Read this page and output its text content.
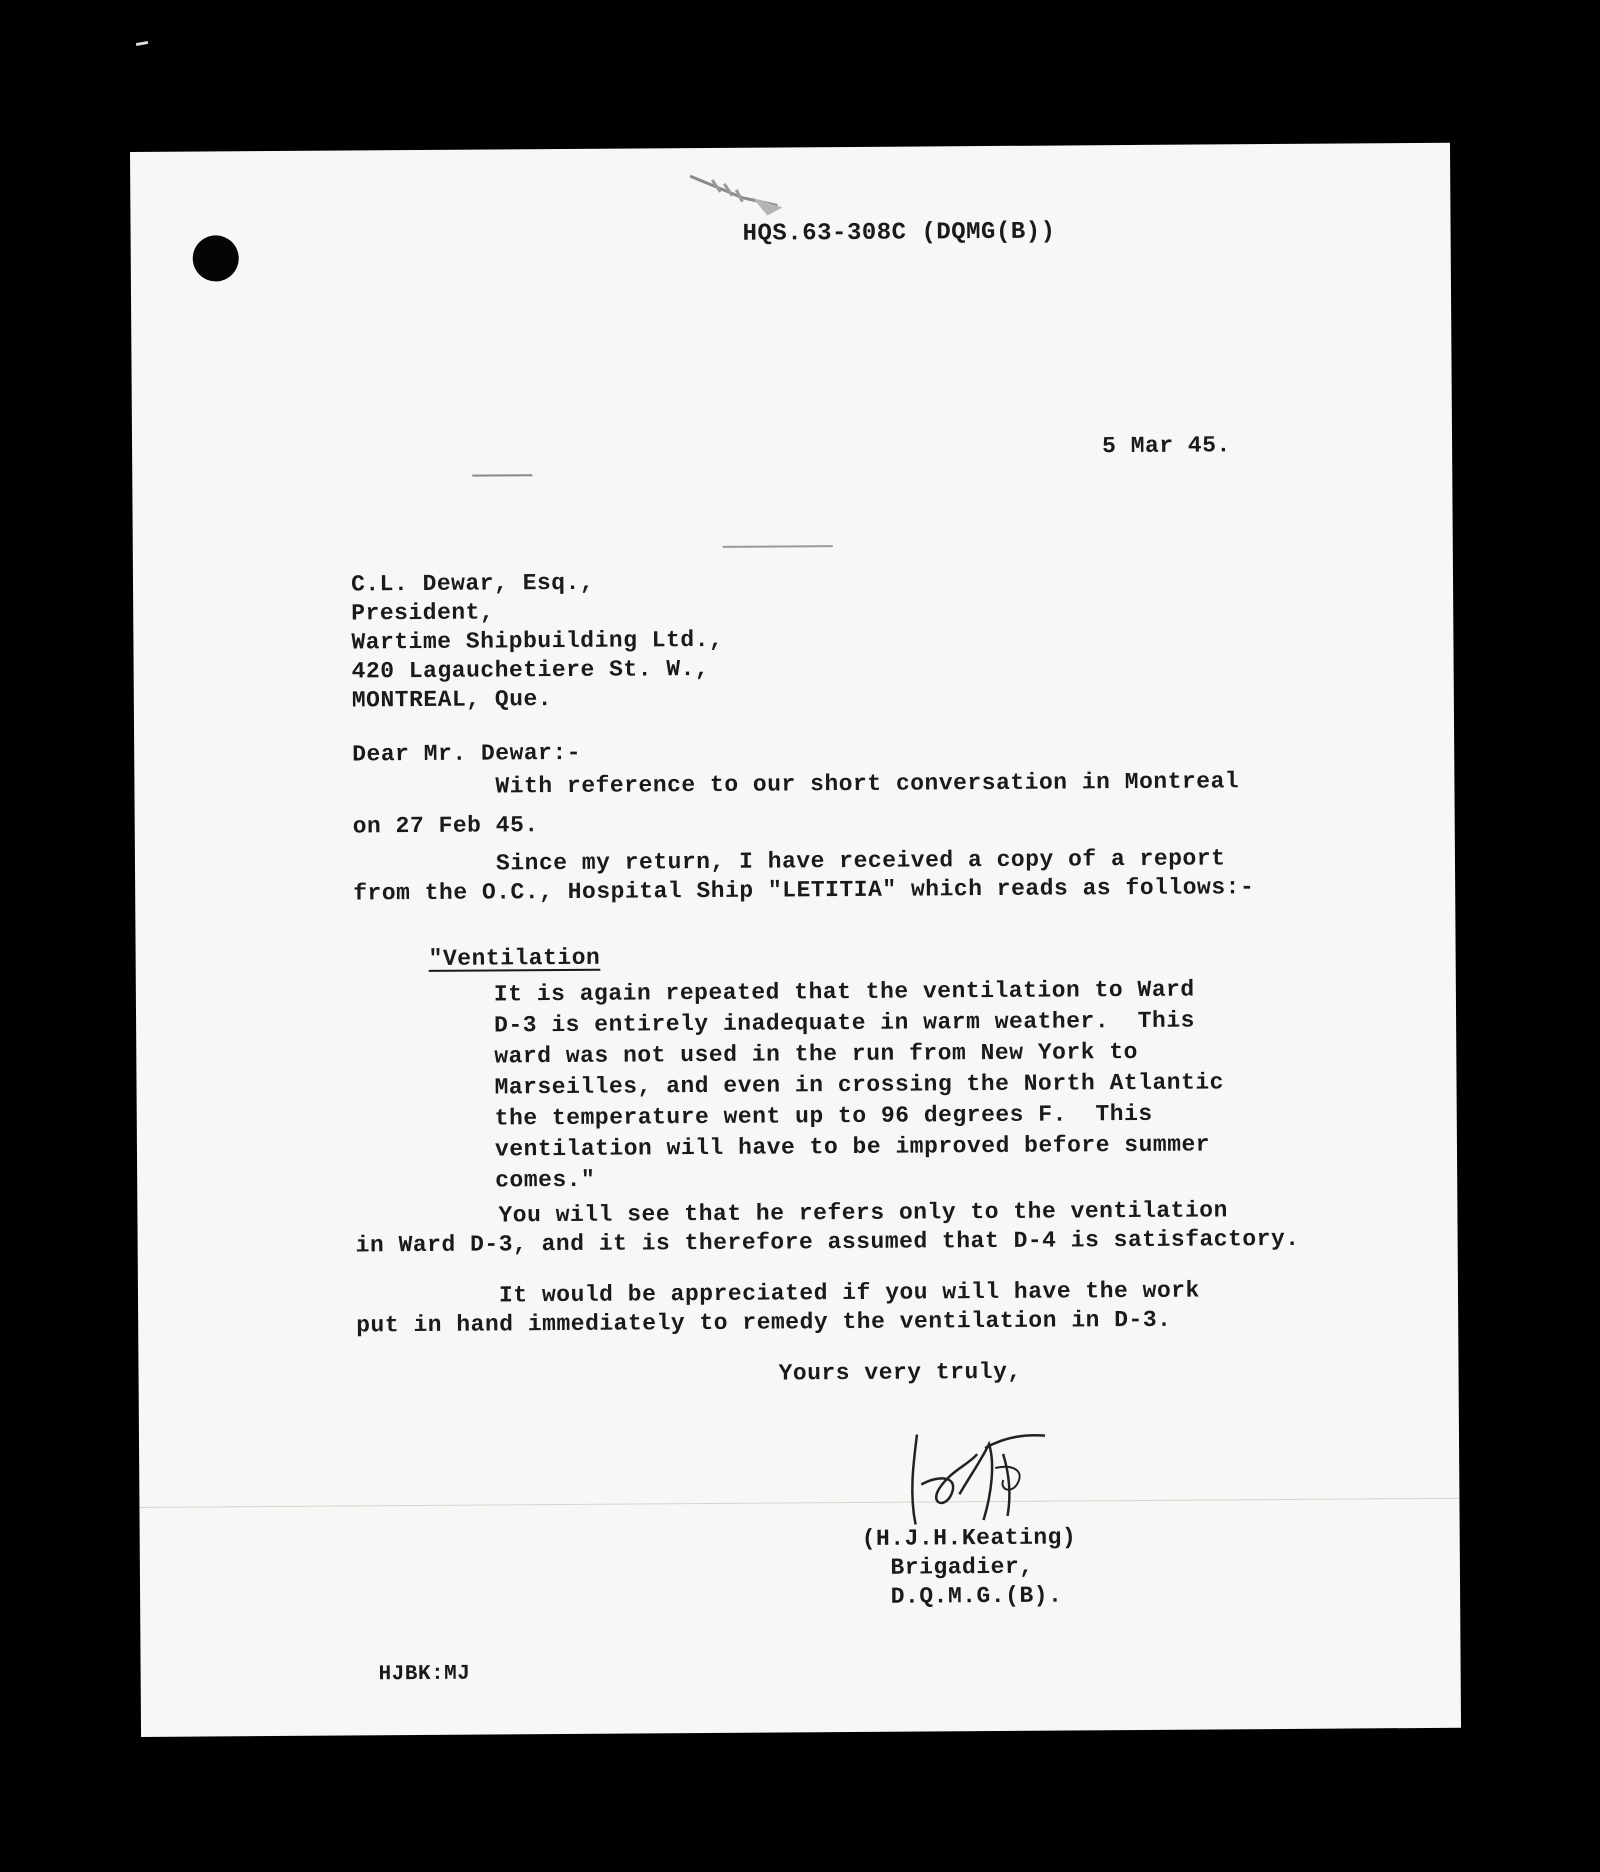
HQS.63-308C (DQMG(B))

5 Mar 45.

C.L. Dewar, Esq.,
President,
Wartime Shipbuilding Ltd.,
420 Lagauchetiere St. W.,
MONTREAL, Que.

Dear Mr. Dewar:-

With reference to our short conversation in Montreal
on 27 Feb 45.
Since my return, I have received a copy of a report
from the O.C., Hospital Ship "LETITIA" which reads as follows:-

"Ventilation

It is again repeated that the ventilation to Ward
D-3 is entirely inadequate in warm weather.  This
ward was not used in the run from New York to
Marseilles, and even in crossing the North Atlantic
the temperature went up to 96 degrees F.  This
ventilation will have to be improved before summer
comes."
You will see that he refers only to the ventilation
in Ward D-3, and it is therefore assumed that D-4 is satisfactory.
It would be appreciated if you will have the work
put in hand immediately to remedy the ventilation in D-3.

Yours very truly,

(H.J.H.Keating)
Brigadier,
D.Q.M.G.(B).

HJBK:MJ
